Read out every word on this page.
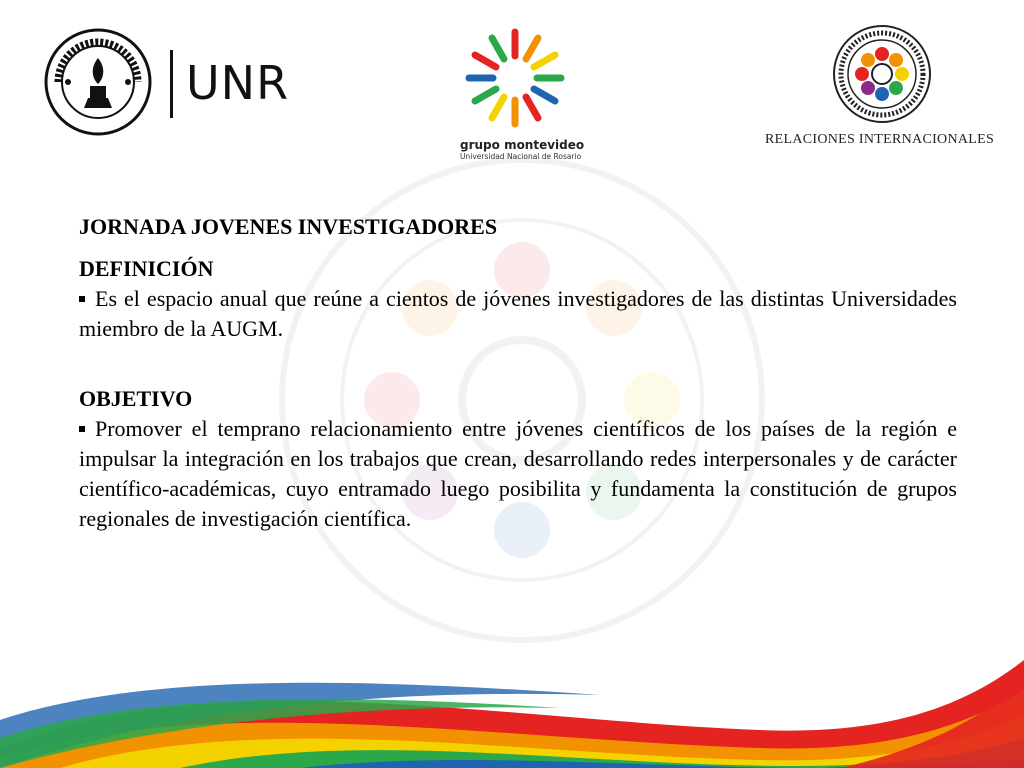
UNR
grupo montevideo
Universidad Nacional de Rosario
RELACIONES INTERNACIONALES

JORNADA JOVENES INVESTIGADORES

DEFINICIÓN

Es el espacio anual que reúne a cientos de jóvenes investigadores de las distintas Universidades miembro de la AUGM.

OBJETIVO

Promover el temprano relacionamiento entre jóvenes científicos de los países de la región e impulsar la integración en los trabajos que crean, desarrollando redes interpersonales y de carácter científico-académicas, cuyo entramado luego posibilita y fundamenta la constitución de grupos regionales de investigación científica.
